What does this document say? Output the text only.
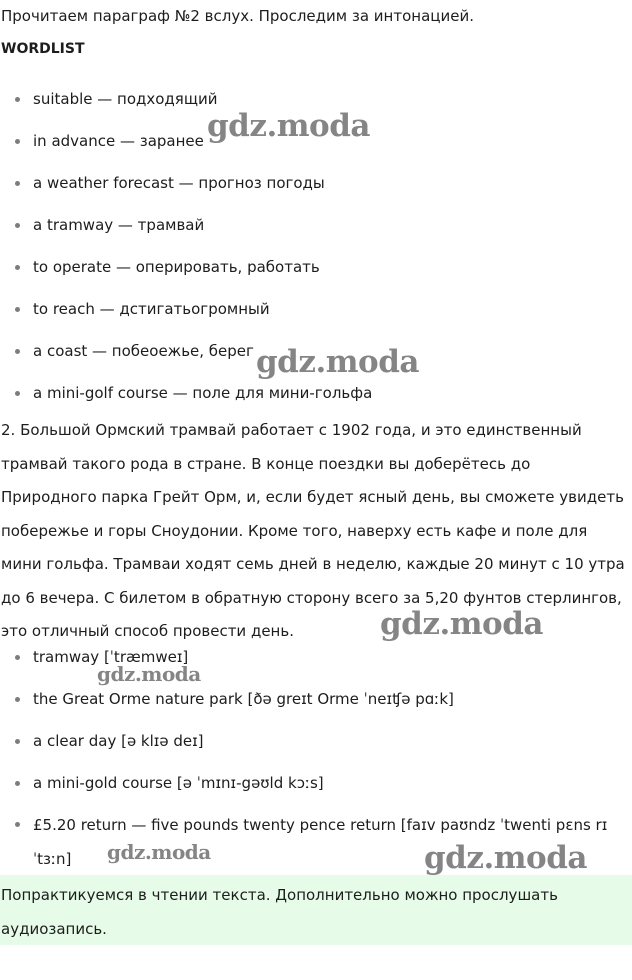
Прочитаем параграф №2 вслух. Проследим за интонацией.
WORDLIST
suitable — подходящий
in advance — заранее
a weather forecast — прогноз погоды
a tramway — трамвай
to operate — оперировать, работать
to reach — дстигатьогромный
a coast — побеоежье, берег
a mini-golf course — поле для мини-гольфа

2. Большой Ормский трамвай работает с 1902 года, и это единственный трамвай такого рода в стране. В конце поездки вы доберётесь до Природного парка Грейт Орм, и, если будет ясный день, вы сможете увидеть побережье и горы Сноудонии. Кроме того, наверху есть кафе и поле для мини гольфа. Трамваи ходят семь дней в неделю, каждые 20 минут с 10 утра до 6 вечера. С билетом в обратную сторону всего за 5,20 фунтов стерлингов, это отличный способ провести день.

tramway [ˈtræmweɪ]
the Great Orme nature park [ðə greɪt Orme ˈneɪʧə pɑːk]
a clear day [ə klɪə deɪ]
a mini-gold course [ə ˈmɪnɪ-gəʊld kɔːs]
£5.20 return — five pounds twenty pence return [faɪv paʊndz ˈtwenti pɛns rɪˈtɜːn]
Попрактикуемся в чтении текста. Дополнительно можно прослушать аудиозапись.
gdz.moda
gdz.moda
gdz.moda
gdz.moda
gdz.moda	gdz.moda
